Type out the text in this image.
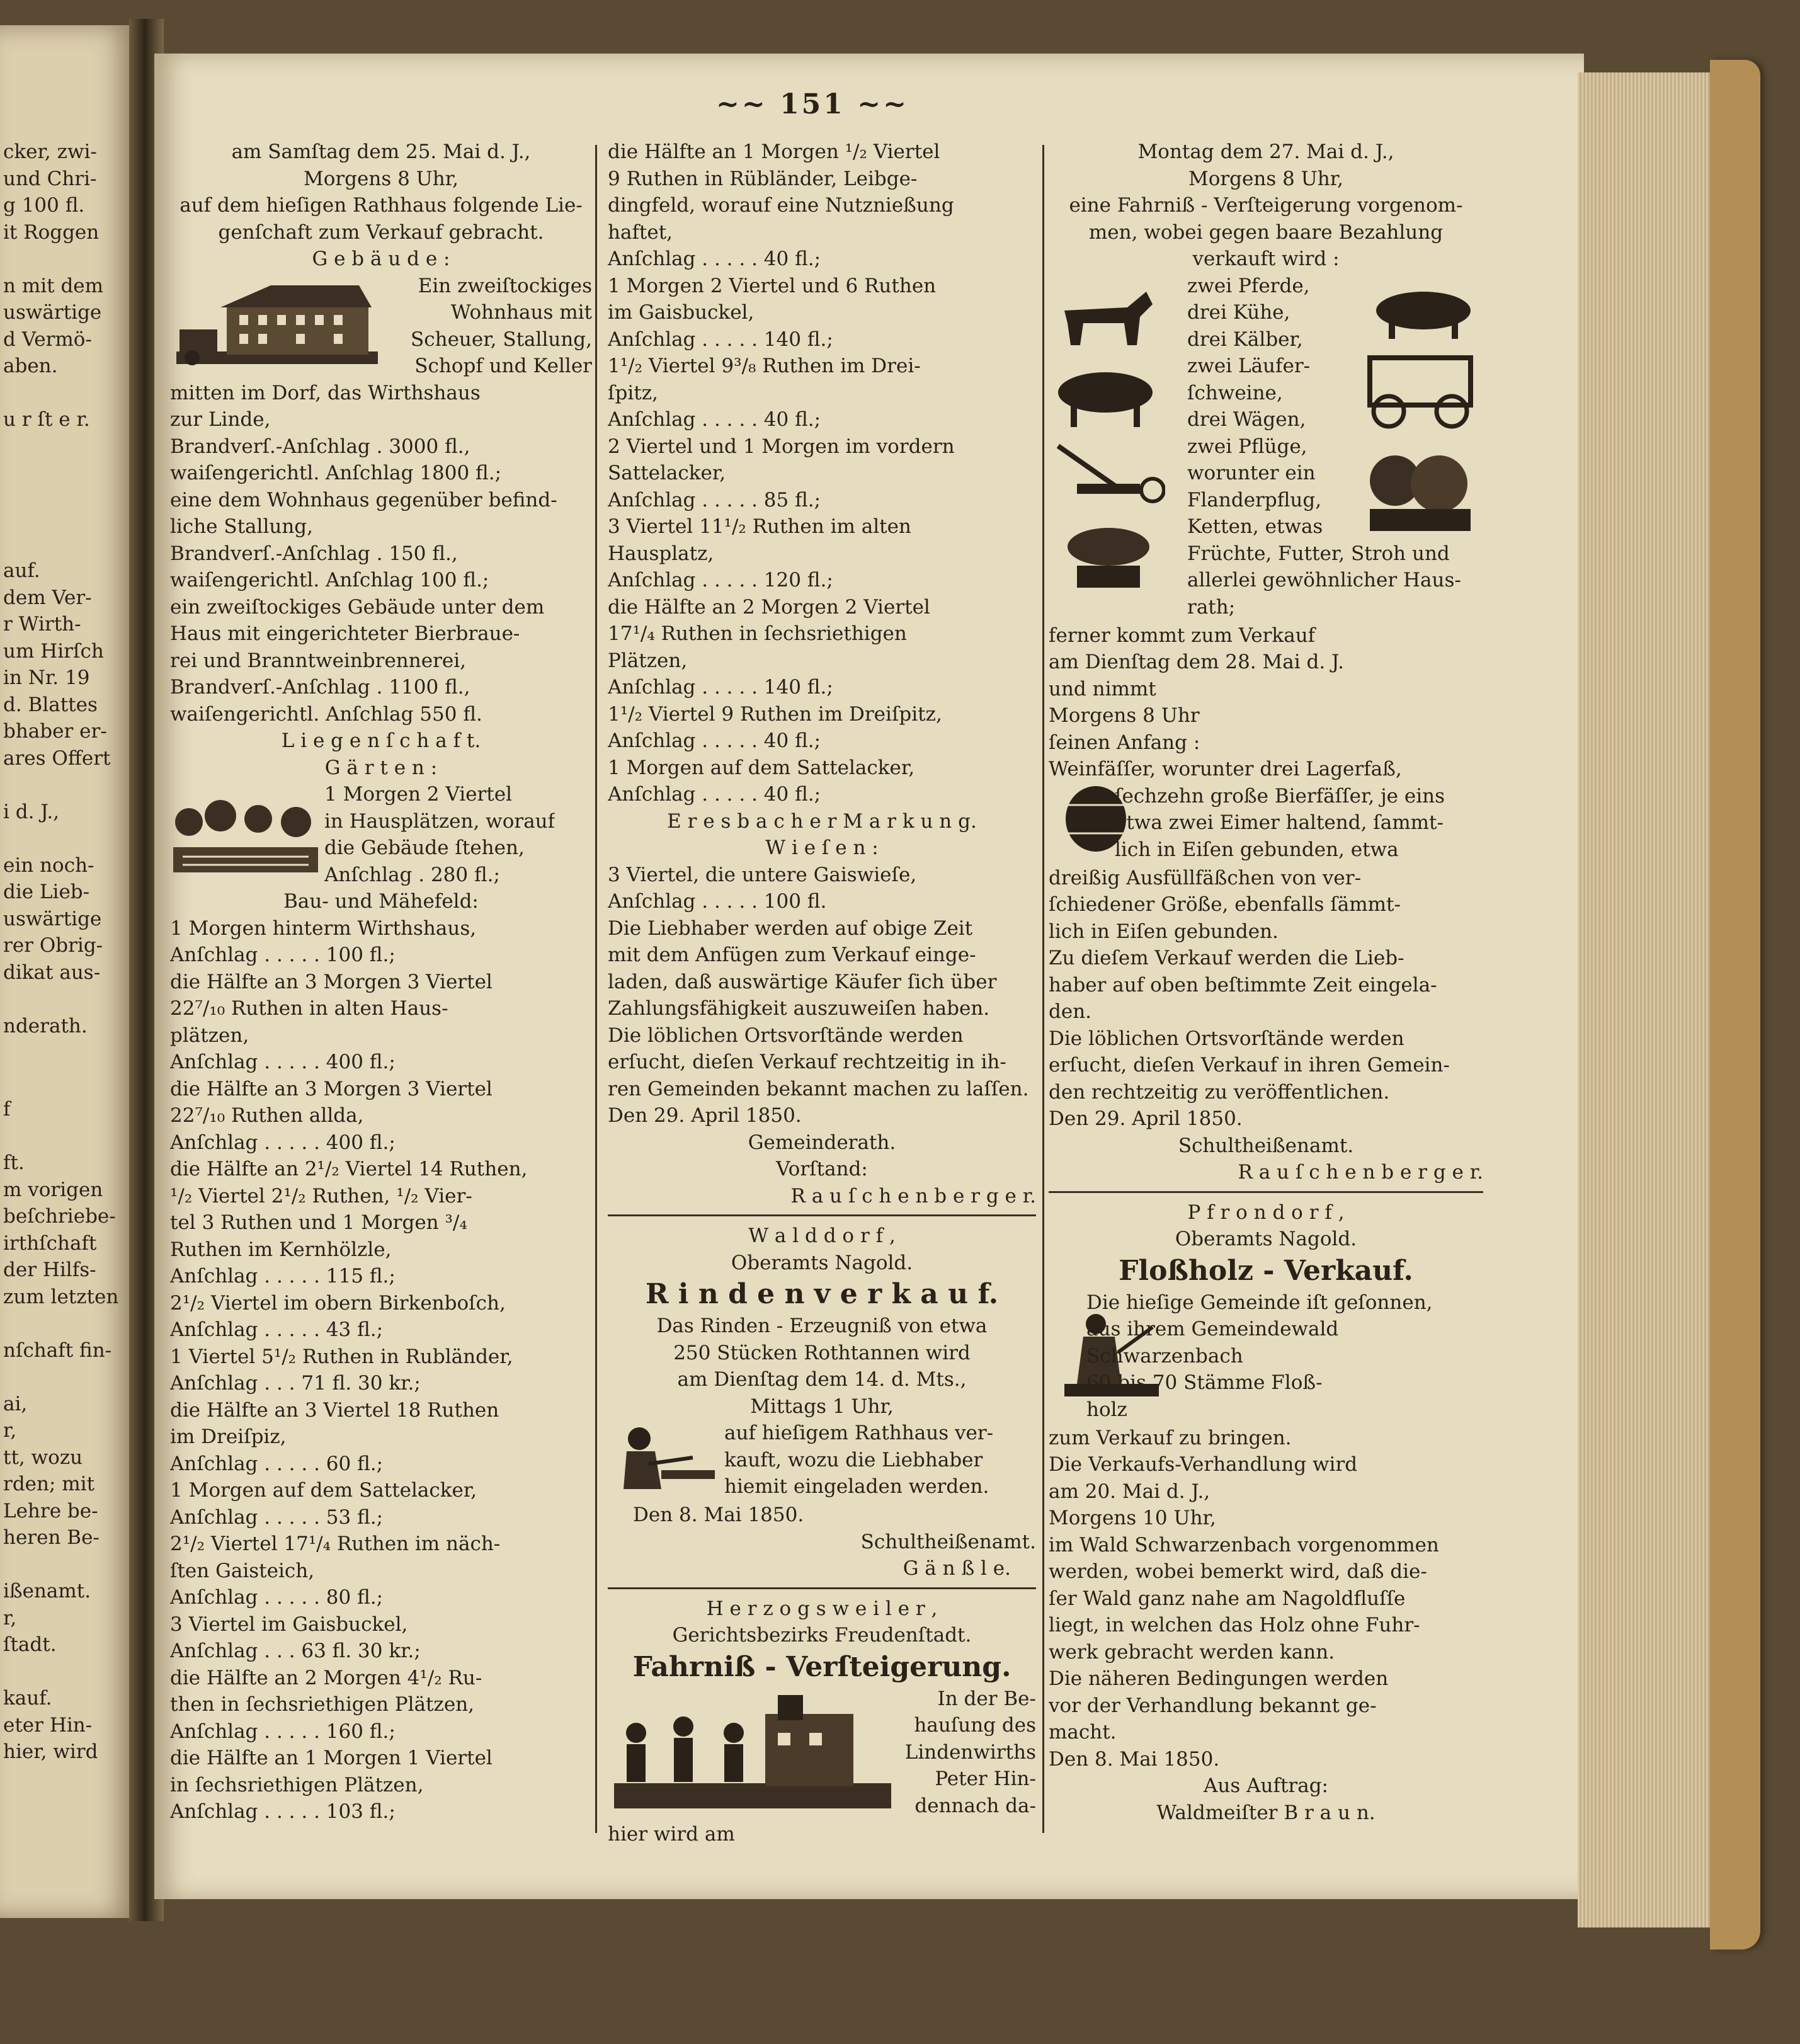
cker, zwi-
und Chri-
g 100 fl.
it Roggen

n mit dem
uswärtige
d Vermö-
aben.

u r ſt e r.
auf.
dem Ver-
r Wirth-
um Hirſch
in Nr. 19
d. Blattes
bhaber er-
ares Offert

i d. J.,

ein noch-
die Lieb-
uswärtige
rer Obrig-
dikat aus-

nderath.
f

ft.
m vorigen
beſchriebe-
irthſchaft
der Hilfs-
zum letzten

nſchaft fin-

ai,
r,
tt, wozu
rden; mit
Lehre be-
heren Be-

ißenamt.
r,
ſtadt.

kauf.
eter Hin-
hier, wird
~~ 151 ~~
am Samſtag dem 25. Mai d. J.,
Morgens 8 Uhr,
auf dem hieſigen Rathhaus folgende Lie-
genſchaft zum Verkauf gebracht.
G e b ä u d e :
Ein zweiſtockiges
Wohnhaus mit
Scheuer, Stallung,
Schopf und Keller
mitten im Dorf, das Wirthshaus
zur Linde,
Brandverſ.-Anſchlag . 3000 fl.,
waiſengerichtl. Anſchlag 1800 fl.;
eine dem Wohnhaus gegenüber befind-
liche Stallung,
Brandverſ.-Anſchlag . 150 fl.,
waiſengerichtl. Anſchlag 100 fl.;
ein zweiſtockiges Gebäude unter dem
Haus mit eingerichteter Bierbraue-
rei und Branntweinbrennerei,
Brandverſ.-Anſchlag . 1100 fl.,
waiſengerichtl. Anſchlag 550 fl.
L i e g e n ſ c h a f t.
G ä r t e n :
1 Morgen 2 Viertel
in Hausplätzen, worauf
die Gebäude ſtehen,
Anſchlag . 280 fl.;
Bau- und Mähefeld:
1 Morgen hinterm Wirthshaus,
Anſchlag . . . . . 100 fl.;
die Hälfte an 3 Morgen 3 Viertel
22⁷/₁₀ Ruthen in alten Haus-
plätzen,
Anſchlag . . . . . 400 fl.;
die Hälfte an 3 Morgen 3 Viertel
22⁷/₁₀ Ruthen allda,
Anſchlag . . . . . 400 fl.;
die Hälfte an 2¹/₂ Viertel 14 Ruthen,
¹/₂ Viertel 2¹/₂ Ruthen, ¹/₂ Vier-
tel 3 Ruthen und 1 Morgen ³/₄
Ruthen im Kernhölzle,
Anſchlag . . . . . 115 fl.;
2¹/₂ Viertel im obern Birkenboſch,
Anſchlag . . . . . 43 fl.;
1 Viertel 5¹/₂ Ruthen in Rubländer,
Anſchlag . . . 71 fl. 30 kr.;
die Hälfte an 3 Viertel 18 Ruthen
im Dreiſpiz,
Anſchlag . . . . . 60 fl.;
1 Morgen auf dem Sattelacker,
Anſchlag . . . . . 53 fl.;
2¹/₂ Viertel 17¹/₄ Ruthen im näch-
ſten Gaisteich,
Anſchlag . . . . . 80 fl.;
3 Viertel im Gaisbuckel,
Anſchlag . . . 63 fl. 30 kr.;
die Hälfte an 2 Morgen 4¹/₂ Ru-
then in ſechsriethigen Plätzen,
Anſchlag . . . . . 160 fl.;
die Hälfte an 1 Morgen 1 Viertel
in ſechsriethigen Plätzen,
Anſchlag . . . . . 103 fl.;
die Hälfte an 1 Morgen ¹/₂ Viertel
9 Ruthen in Rübländer, Leibge-
dingfeld, worauf eine Nutznießung
haftet,
Anſchlag . . . . . 40 fl.;
1 Morgen 2 Viertel und 6 Ruthen
im Gaisbuckel,
Anſchlag . . . . . 140 fl.;
1¹/₂ Viertel 9³/₈ Ruthen im Drei-
ſpitz,
Anſchlag . . . . . 40 fl.;
2 Viertel und 1 Morgen im vordern
Sattelacker,
Anſchlag . . . . . 85 fl.;
3 Viertel 11¹/₂ Ruthen im alten
Hausplatz,
Anſchlag . . . . . 120 fl.;
die Hälfte an 2 Morgen 2 Viertel
17¹/₄ Ruthen in ſechsriethigen
Plätzen,
Anſchlag . . . . . 140 fl.;
1¹/₂ Viertel 9 Ruthen im Dreiſpitz,
Anſchlag . . . . . 40 fl.;
1 Morgen auf dem Sattelacker,
Anſchlag . . . . . 40 fl.;
E r e s b a c h e r M a r k u n g.
W i e ſ e n :
3 Viertel, die untere Gaiswieſe,
Anſchlag . . . . . 100 fl.
Die Liebhaber werden auf obige Zeit
mit dem Anfügen zum Verkauf einge-
laden, daß auswärtige Käufer ſich über
Zahlungsfähigkeit auszuweiſen haben.
Die löblichen Ortsvorſtände werden
erſucht, dieſen Verkauf rechtzeitig in ih-
ren Gemeinden bekannt machen zu laſſen.
Den 29. April 1850.
Gemeinderath.
Vorſtand:
R a u ſ c h e n b e r g e r.
W a l d d o r f ,
Oberamts Nagold.
R i n d e n v e r k a u f.
Das Rinden - Erzeugniß von etwa
250 Stücken Rothtannen wird
am Dienſtag dem 14. d. Mts.,
Mittags 1 Uhr,
auf hieſigem Rathhaus ver-
kauft, wozu die Liebhaber
hiemit eingeladen werden.
Den 8. Mai 1850.
Schultheißenamt.
G ä n ß l e.
H e r z o g s w e i l e r ,
Gerichtsbezirks Freudenſtadt.
Fahrniß - Verſteigerung.
In der Be-
hauſung des
Lindenwirths
Peter Hin-
dennach da-
hier wird am
Montag dem 27. Mai d. J.,
Morgens 8 Uhr,
eine Fahrniß - Verſteigerung vorgenom-
men, wobei gegen baare Bezahlung
verkauft wird :
zwei Pferde,
drei Kühe,
drei Kälber,
zwei Läufer-
ſchweine,
drei Wägen,
zwei Pflüge,
worunter ein
Flanderpflug,
Ketten, etwas
Früchte, Futter, Stroh und
allerlei gewöhnlicher Haus-
rath;
ferner kommt zum Verkauf
am Dienſtag dem 28. Mai d. J.
und nimmt
Morgens 8 Uhr
ſeinen Anfang :
Weinfäſſer, worunter drei Lagerfaß,
ſechzehn große Bierfäſſer, je eins
etwa zwei Eimer haltend, ſammt-
lich in Eiſen gebunden, etwa
dreißig Ausfüllfäßchen von ver-
ſchiedener Größe, ebenfalls ſämmt-
lich in Eiſen gebunden.
Zu dieſem Verkauf werden die Lieb-
haber auf oben beſtimmte Zeit eingela-
den.
Die löblichen Ortsvorſtände werden
erſucht, dieſen Verkauf in ihren Gemein-
den rechtzeitig zu veröffentlichen.
Den 29. April 1850.
Schultheißenamt.
R a u ſ c h e n b e r g e r.
P f r o n d o r f ,
Oberamts Nagold.
Floßholz - Verkauf.
Die hieſige Gemeinde iſt geſonnen,
aus ihrem Gemeindewald
Schwarzenbach
60 bis 70 Stämme Floß-
holz
zum Verkauf zu bringen.
Die Verkaufs-Verhandlung wird
am 20. Mai d. J.,
Morgens 10 Uhr,
im Wald Schwarzenbach vorgenommen
werden, wobei bemerkt wird, daß die-
ſer Wald ganz nahe am Nagoldfluſſe
liegt, in welchen das Holz ohne Fuhr-
werk gebracht werden kann.
Die näheren Bedingungen werden
vor der Verhandlung bekannt ge-
macht.
Den 8. Mai 1850.
Aus Auftrag:
Waldmeiſter B r a u n.
